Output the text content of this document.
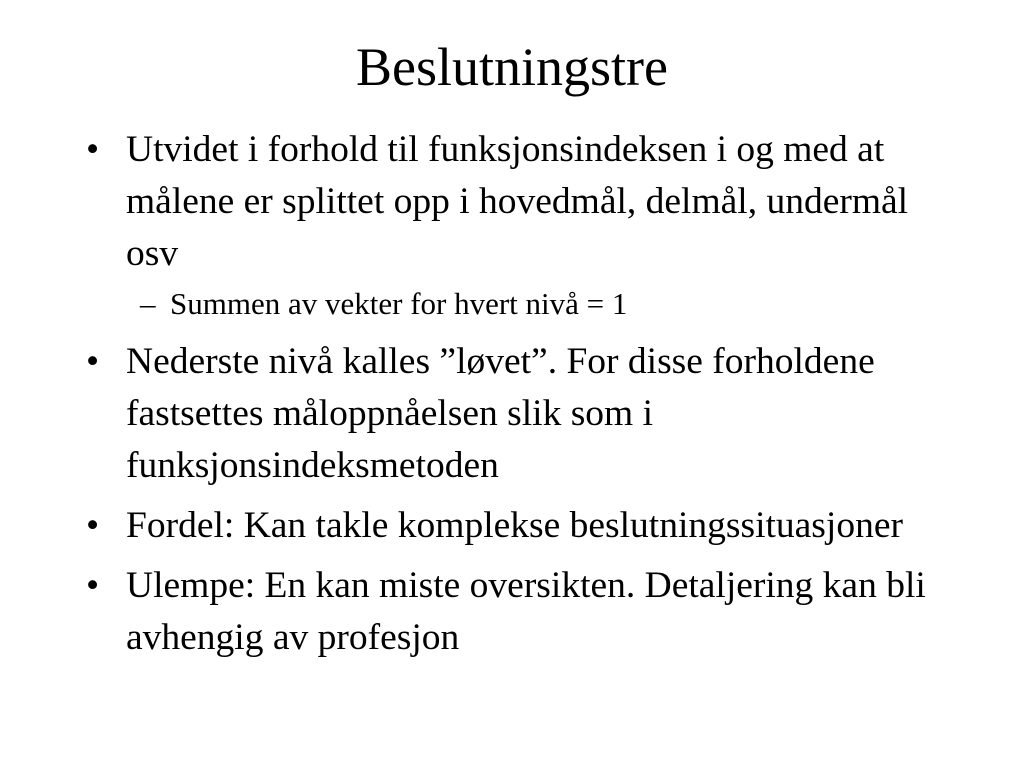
Beslutningstre
• Utvidet i forhold til funksjonsindeksen i og med at målene er splittet opp i hovedmål, delmål, undermål osv
– Summen av vekter for hvert nivå = 1
• Nederste nivå kalles ”løvet”. For disse forholdene fastsettes måloppnåelsen slik som i funksjonsindeksmetoden
• Fordel: Kan takle komplekse beslutningssituasjoner
• Ulempe: En kan miste oversikten. Detaljering kan bli avhengig av profesjon
